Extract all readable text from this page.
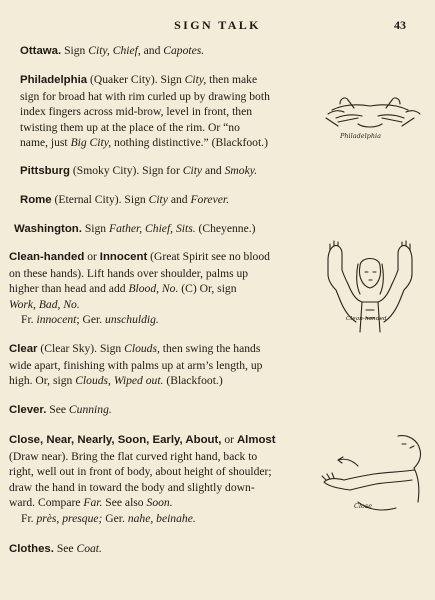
SIGN TALK	43
Ottawa. Sign City, Chief, and Capotes.
Philadelphia (Quaker City). Sign City, then make
sign for broad hat with rim curled up by drawing both
index fingers across mid-brow, level in front, then
twisting them up at the place of the rim. Or “no
name, just Big City, nothing distinctive.” (Blackfoot.)	Philadelphia
Pittsburg (Smoky City). Sign for City and Smoky.
Rome (Eternal City). Sign City and Forever.
Washington. Sign Father, Chief, Sits. (Cheyenne.)
Clean-handed or Innocent (Great Spirit see no blood
on these hands). Lift hands over shoulder, palms up
higher than head and add Blood, No. (C) Or, sign
Work, Bad, No.
Fr. innocent; Ger. unschuldig.	Clean-handed
Clear (Clear Sky). Sign Clouds, then swing the hands
wide apart, finishing with palms up at arm’s length, up
high. Or, sign Clouds, Wiped out. (Blackfoot.)
Clever. See Cunning.
Close, Near, Nearly, Soon, Early, About, or Almost
(Draw near). Bring the flat curved right hand, back to
right, well out in front of body, about height of shoulder;
draw the hand in toward the body and slightly down-
ward. Compare Far. See also Soon.
Fr. près, presque; Ger. nahe, beinahe.
Close
Clothes. See Coat.
